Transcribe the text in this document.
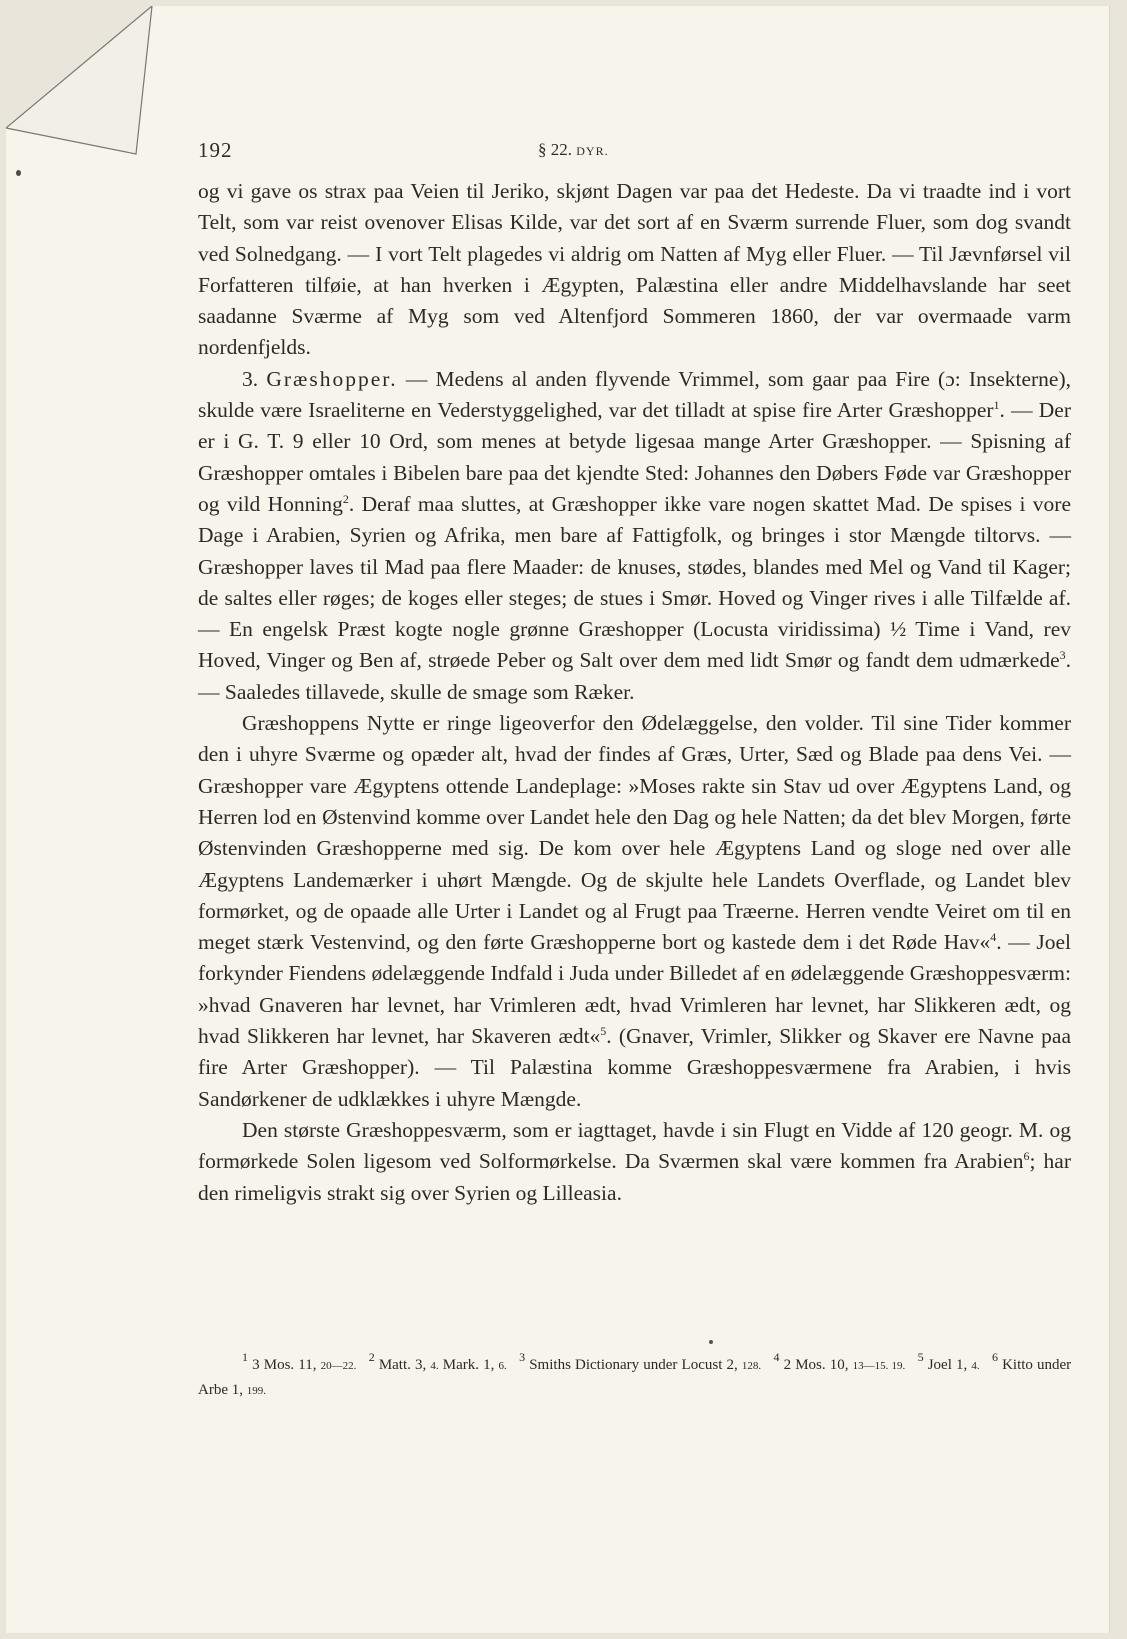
192	§ 22. DYR.

og vi gave os strax paa Veien til Jeriko, skjønt Dagen var paa det Hedeste. Da vi traadte ind i vort Telt, som var reist ovenover Elisas Kilde, var det sort af en Sværm surrende Fluer, som dog svandt ved Solnedgang. — I vort Telt plagedes vi aldrig om Natten af Myg eller Fluer. — Til Jævnførsel vil Forfatteren tilføie, at han hverken i Ægypten, Palæstina eller andre Middelhavslande har seet saadanne Sværme af Myg som ved Altenfjord Sommeren 1860, der var overmaade varm nordenfjelds.

3. Græshopper. — Medens al anden flyvende Vrimmel, som gaar paa Fire (ɔ: Insekterne), skulde være Israeliterne en Vederstyggelighed, var det tilladt at spise fire Arter Græshopper$^1$. — Der er i G. T. 9 eller 10 Ord, som menes at betyde ligesaa mange Arter Græshopper. — Spisning af Græshopper omtales i Bibelen bare paa det kjendte Sted: Johannes den Døbers Føde var Græshopper og vild Honning$^2$. Deraf maa sluttes, at Græshopper ikke vare nogen skattet Mad. De spises i vore Dage i Arabien, Syrien og Afrika, men bare af Fattigfolk, og bringes i stor Mængde tiltorvs. — Græshopper laves til Mad paa flere Maader: de knuses, stødes, blandes med Mel og Vand til Kager; de saltes eller røges; de koges eller steges; de stues i Smør. Hoved og Vinger rives i alle Tilfælde af. — En engelsk Præst kogte nogle grønne Græshopper (Locusta viridissima) ½ Time i Vand, rev Hoved, Vinger og Ben af, strøede Peber og Salt over dem med lidt Smør og fandt dem udmærkede$^3$. — Saaledes tillavede, skulle de smage som Ræker.

Græshoppens Nytte er ringe ligeoverfor den Ødelæggelse, den volder. Til sine Tider kommer den i uhyre Sværme og opæder alt, hvad der findes af Græs, Urter, Sæd og Blade paa dens Vei. — Græshopper vare Ægyptens ottende Landeplage: »Moses rakte sin Stav ud over Ægyptens Land, og Herren lod en Østenvind komme over Landet hele den Dag og hele Natten; da det blev Morgen, førte Østenvinden Græshopperne med sig. De kom over hele Ægyptens Land og sloge ned over alle Ægyptens Landemærker i uhørt Mængde. Og de skjulte hele Landets Overflade, og Landet blev formørket, og de opaade alle Urter i Landet og al Frugt paa Træerne. Herren vendte Veiret om til en meget stærk Vestenvind, og den førte Græshopperne bort og kastede dem i det Røde Hav«$^4$. — Joel forkynder Fiendens ødelæggende Indfald i Juda under Billedet af en ødelæggende Græshoppesværm: »hvad Gnaveren har levnet, har Vrimleren ædt, hvad Vrimleren har levnet, har Slikkeren ædt, og hvad Slikkeren har levnet, har Skaveren ædt«$^5$. (Gnaver, Vrimler, Slikker og Skaver ere Navne paa fire Arter Græshopper). — Til Palæstina komme Græshoppesværmene fra Arabien, i hvis Sandørkener de udklækkes i uhyre Mængde.

Den største Græshoppesværm, som er iagttaget, havde i sin Flugt en Vidde af 120 geogr. M. og formørkede Solen ligesom ved Solformørkelse. Da Sværmen skal være kommen fra Arabien$^6$; har den rimeligvis strakt sig over Syrien og Lilleasia.

$^1$ 3 Mos. 11, 20—22.   $^2$ Matt. 3, 4. Mark. 1, 6.   $^3$ Smiths Dictionary under Locust 2, 128.   $^4$ 2 Mos. 10, 13—15. 19.   $^5$ Joel 1, 4.   $^6$ Kitto under Arbe 1, 199.
